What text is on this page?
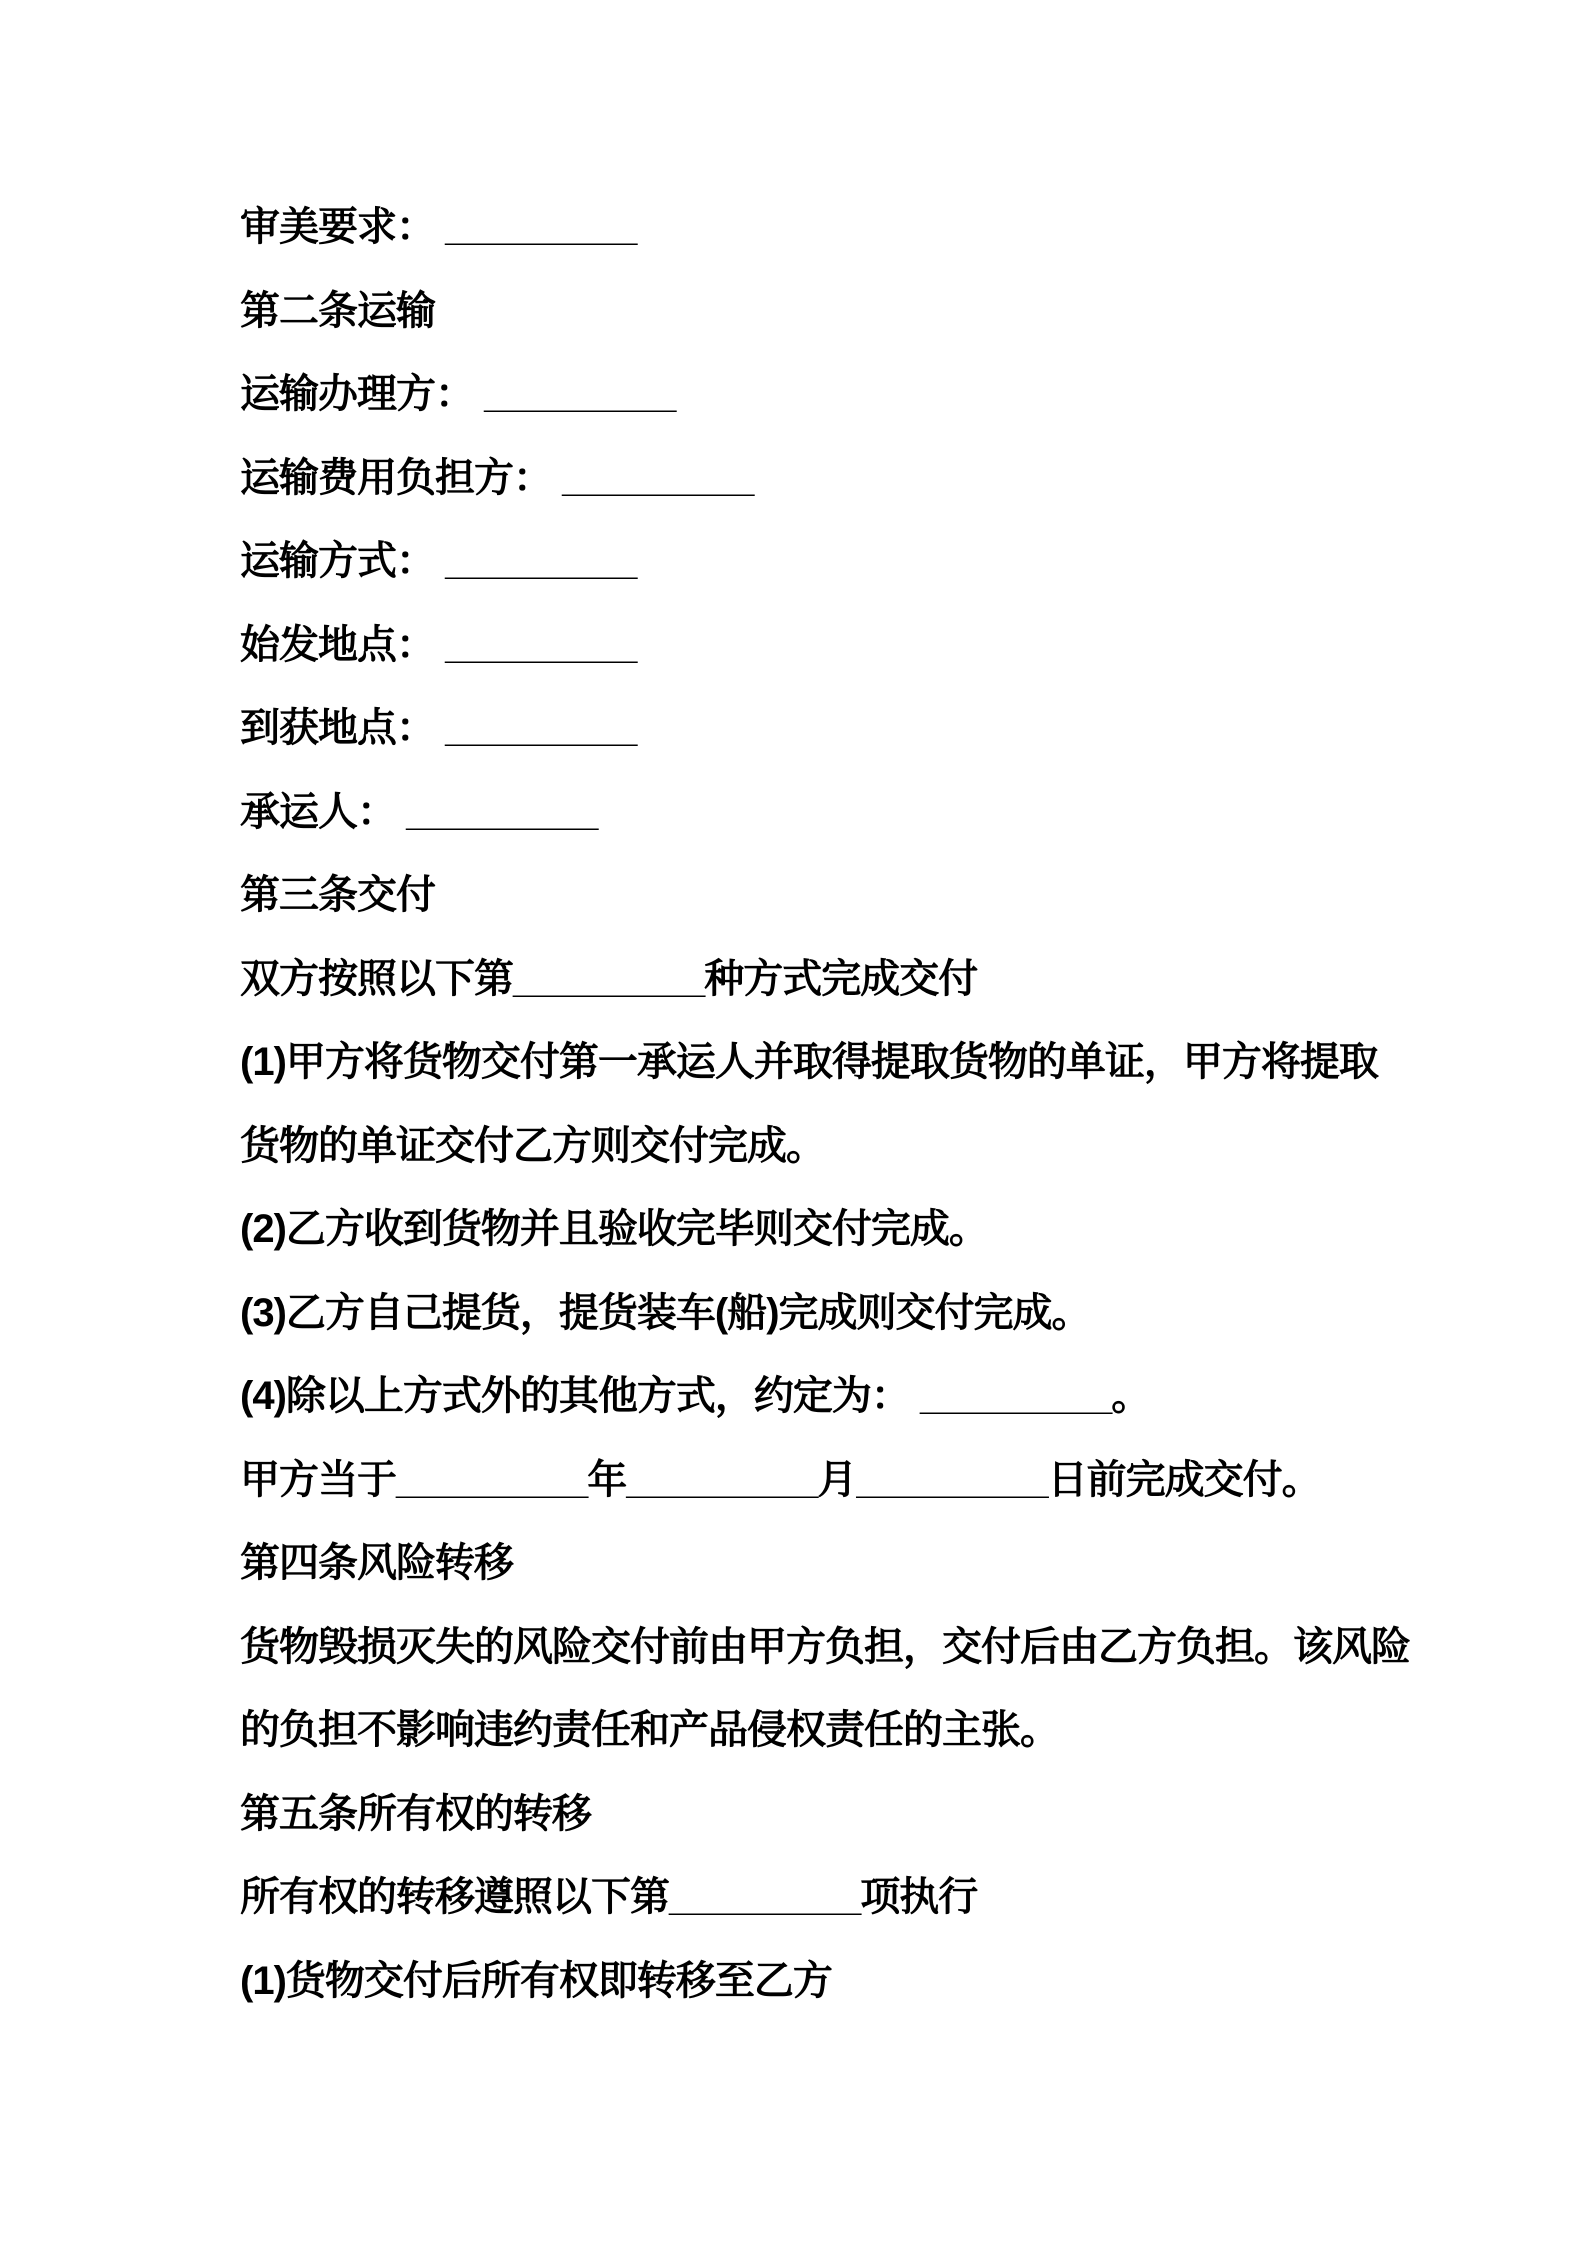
审美要求： _________

第二条运输

运输办理方： _________

运输费用负担方： _________

运输方式： _________

始发地点： _________

到获地点： _________

承运人： _________

第三条交付

双方按照以下第_________种方式完成交付

(1)甲方将货物交付第一承运人并取得提取货物的单证，甲方将提取

货物的单证交付乙方则交付完成。

(2)乙方收到货物并且验收完毕则交付完成。

(3)乙方自己提货，提货装车(船)完成则交付完成。

(4)除以上方式外的其他方式，约定为： _________。

甲方当于_________年_________月_________日前完成交付。

第四条风险转移

货物毁损灭失的风险交付前由甲方负担，交付后由乙方负担。该风险

的负担不影响违约责任和产品侵权责任的主张。

第五条所有权的转移

所有权的转移遵照以下第_________项执行

(1)货物交付后所有权即转移至乙方
